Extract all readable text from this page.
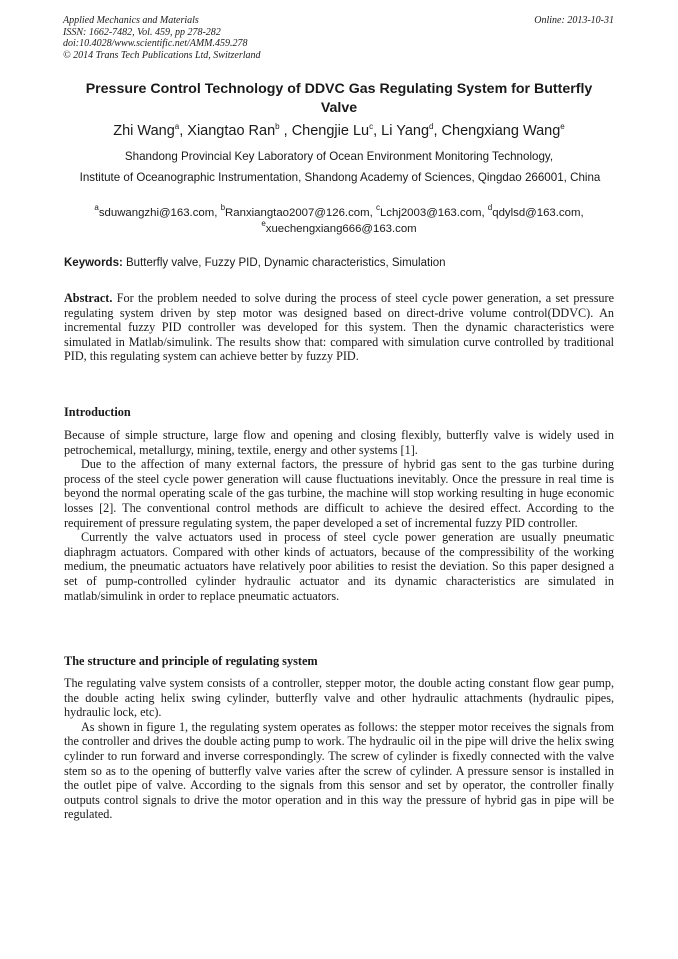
Applied Mechanics and Materials
ISSN: 1662-7482, Vol. 459, pp 278-282
doi:10.4028/www.scientific.net/AMM.459.278
© 2014 Trans Tech Publications Ltd, Switzerland
Online: 2013-10-31
Pressure Control Technology of DDVC Gas Regulating System for Butterfly Valve
Zhi Wang$^a$, Xiangtao Ran$^b$ , Chengjie Lu$^c$, Li Yang$^d$, Chengxiang Wang$^e$
Shandong Provincial Key Laboratory of Ocean Environment Monitoring Technology,
Institute of Oceanographic Instrumentation, Shandong Academy of Sciences, Qingdao 266001, China
$^a$sduwangzhi@163.com, $^b$Ranxiangtao2007@126.com, $^c$Lchj2003@163.com, $^d$qdylsd@163.com,
$^e$xuechengxiang666@163.com
Keywords: Butterfly valve, Fuzzy PID, Dynamic characteristics, Simulation

Abstract. For the problem needed to solve during the process of steel cycle power generation, a set pressure regulating system driven by step motor was designed based on direct-drive volume control(DDVC). An incremental fuzzy PID controller was developed for this system. Then the dynamic characteristics were simulated in Matlab/simulink. The results show that: compared with simulation curve controlled by traditional PID, this regulating system can achieve better by fuzzy PID.

Introduction

Because of simple structure, large flow and opening and closing flexibly, butterfly valve is widely used in petrochemical, metallurgy, mining, textile, energy and other systems [1].

Due to the affection of many external factors, the pressure of hybrid gas sent to the gas turbine during process of the steel cycle power generation will cause fluctuations inevitably. Once the pressure in real time is beyond the normal operating scale of the gas turbine, the machine will stop working resulting in huge economic losses [2]. The conventional control methods are difficult to achieve the desired effect. According to the requirement of pressure regulating system, the paper developed a set of incremental fuzzy PID controller.

Currently the valve actuators used in process of steel cycle power generation are usually pneumatic diaphragm actuators. Compared with other kinds of actuators, because of the compressibility of the working medium, the pneumatic actuators have relatively poor abilities to resist the deviation. So this paper designed a set of pump-controlled cylinder hydraulic actuator and its dynamic characteristics are simulated in matlab/simulink in order to replace pneumatic actuators.

The structure and principle of regulating system

The regulating valve system consists of a controller, stepper motor, the double acting constant flow gear pump, the double acting helix swing cylinder, butterfly valve and other hydraulic attachments (hydraulic pipes, hydraulic lock, etc).

As shown in figure 1, the regulating system operates as follows: the stepper motor receives the signals from the controller and drives the double acting pump to work. The hydraulic oil in the pipe will drive the helix swing cylinder to run forward and inverse correspondingly. The screw of cylinder is fixedly connected with the valve stem so as to the opening of butterfly valve varies after the screw of cylinder. A pressure sensor is installed in the outlet pipe of valve. According to the signals from this sensor and set by operator, the controller finally outputs control signals to drive the motor operation and in this way the pressure of hybrid gas in pipe will be regulated.
